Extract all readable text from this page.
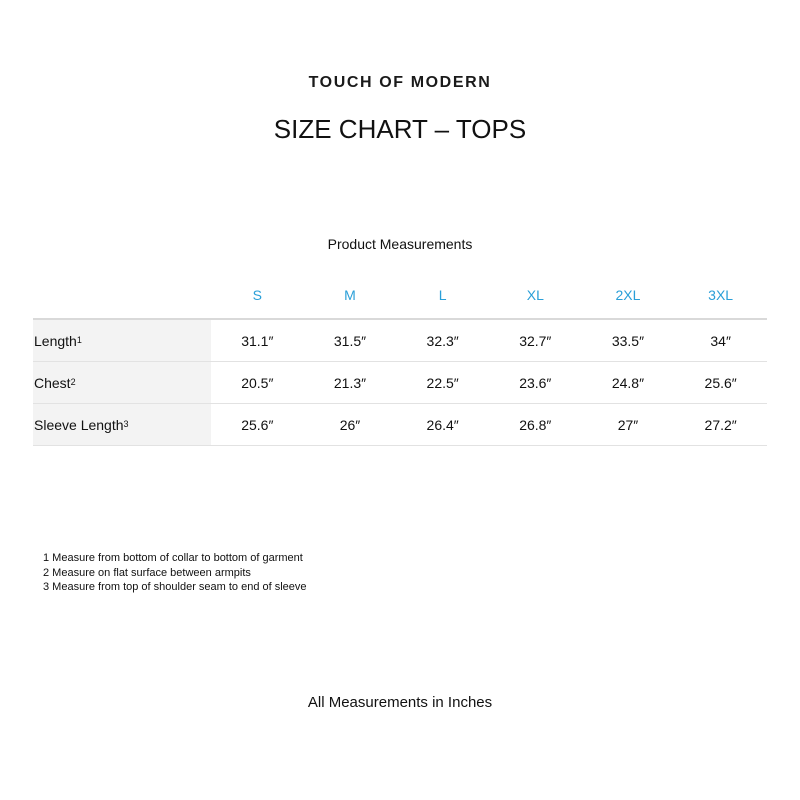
TOUCH OF MODERN
SIZE CHART – TOPS
Product Measurements
	S	M	L	XL	2XL	3XL
Length$^1$	31.1″	31.5″	32.3″	32.7″	33.5″	34″
Chest$^2$	20.5″	21.3″	22.5″	23.6″	24.8″	25.6″
Sleeve Length$^3$	25.6″	26″	26.4″	26.8″	27″	27.2″
1 Measure from bottom of collar to bottom of garment
2 Measure on flat surface between armpits
3 Measure from top of shoulder seam to end of sleeve
All Measurements in Inches
